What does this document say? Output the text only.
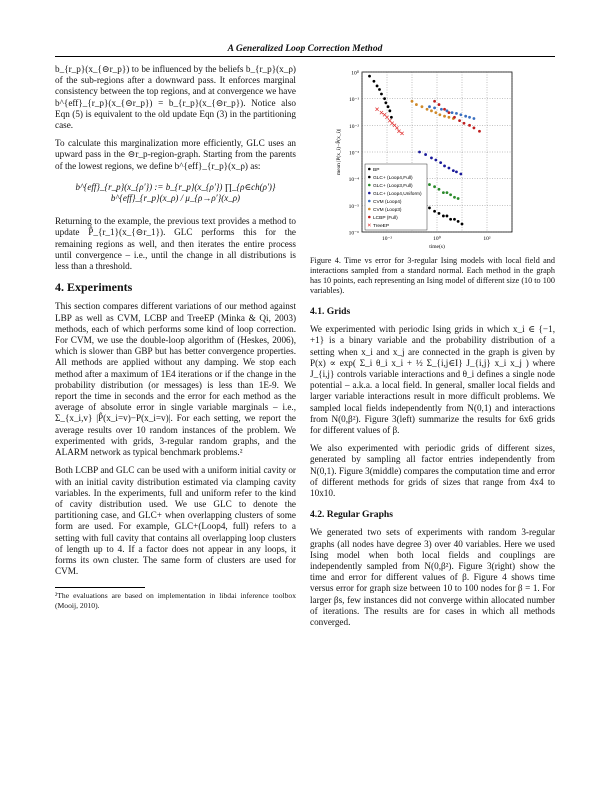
A Generalized Loop Correction Method

b_{r_p}(x_{⊝r_p}) to be influenced by the beliefs b_{r_p}(x_ρ) of the sub-regions after a downward pass. It enforces marginal consistency between the top regions, and at convergence we have b^{eff}_{r_p}(x_{⊝r_p}) = b_{r_p}(x_{⊝r_p}). Notice also Eqn (5) is equivalent to the old update Eqn (3) in the partitioning case.

To calculate this marginalization more efficiently, GLC uses an upward pass in the ⊝r_p-region-graph. Starting from the parents of the lowest regions, we define b^{eff}_{r_p}(x_ρ) as:

b^{eff}_{r_p}(x_{ρ′}) := b_{r_p}(x_{ρ′}) ∏_{ρ∈ch(ρ′)} b^{eff}_{r_p}(x_ρ) / μ_{ρ→ρ′}(x_ρ)

Returning to the example, the previous text provides a method to update P̂_{r_1}(x_{⊝r_1}). GLC performs this for the remaining regions as well, and then iterates the entire process until convergence – i.e., until the change in all distributions is less than a threshold.

4. Experiments

This section compares different variations of our method against LBP as well as CVM, LCBP and TreeEP (Minka & Qi, 2003) methods, each of which performs some kind of loop correction. For CVM, we use the double-loop algorithm of (Heskes, 2006), which is slower than GBP but has better convergence properties. All methods are applied without any damping. We stop each method after a maximum of 1E4 iterations or if the change in the probability distribution (or messages) is less than 1E-9. We report the time in seconds and the error for each method as the average of absolute error in single variable marginals – i.e., Σ_{x_i,v} |P̂(x_i=v)−P(x_i=v)|. For each setting, we report the average results over 10 random instances of the problem. We experimented with grids, 3-regular random graphs, and the ALARM network as typical benchmark problems.²

Both LCBP and GLC can be used with a uniform initial cavity or with an initial cavity distribution estimated via clamping cavity variables. In the experiments, full and uniform refer to the kind of cavity distribution used. We use GLC to denote the partitioning case, and GLC+ when overlapping clusters of some form are used. For example, GLC+(Loop4, full) refers to a setting with full cavity that contains all overlapping loop clusters of length up to 4. If a factor does not appear in any loops, it forms its own cluster. The same form of clusters are used for CVM.

²The evaluations are based on implementation in libdai inference toolbox (Mooij, 2010).
10⁰
10⁻¹
10⁻²
10⁻³
10⁻⁴
10⁻⁵
10⁻⁶
10⁻²	10⁰	10²
time(s)
mean |P(x_i)−P̂(x_i)|	BP
GLC+ (Loop4,Full)
GLC+ (Loop3,Full)
GLC+ (Loop4,Uniform)
CVM (Loop4)
CVM (Loop3)
LCBP (Full)
TreeEP
Figure 4. Time vs error for 3-regular Ising models with local field and interactions sampled from a standard normal. Each method in the graph has 10 points, each representing an Ising model of different size (10 to 100 variables).
4.1. Grids

We experimented with periodic Ising grids in which x_i ∈ {−1, +1} is a binary variable and the probability distribution of a setting when x_i and x_j are connected in the graph is given by P(x) ∝ exp( Σ_i θ_i x_i + ½ Σ_{i,j∈I} J_{i,j} x_i x_j ) where J_{i,j} controls variable interactions and θ_i defines a single node potential – a.k.a. a local field. In general, smaller local fields and larger variable interactions result in more difficult problems. We sampled local fields independently from N(0,1) and interactions from N(0,β²). Figure 3(left) summarize the results for 6x6 grids for different values of β.

We also experimented with periodic grids of different sizes, generated by sampling all factor entries independently from N(0,1). Figure 3(middle) compares the computation time and error of different methods for grids of sizes that range from 4x4 to 10x10.

4.2. Regular Graphs

We generated two sets of experiments with random 3-regular graphs (all nodes have degree 3) over 40 variables. Here we used Ising model when both local fields and couplings are independently sampled from N(0,β²). Figure 3(right) show the time and error for different values of β. Figure 4 shows time versus error for graph size between 10 to 100 nodes for β = 1. For larger βs, few instances did not converge within allocated number of iterations. The results are for cases in which all methods converged.
